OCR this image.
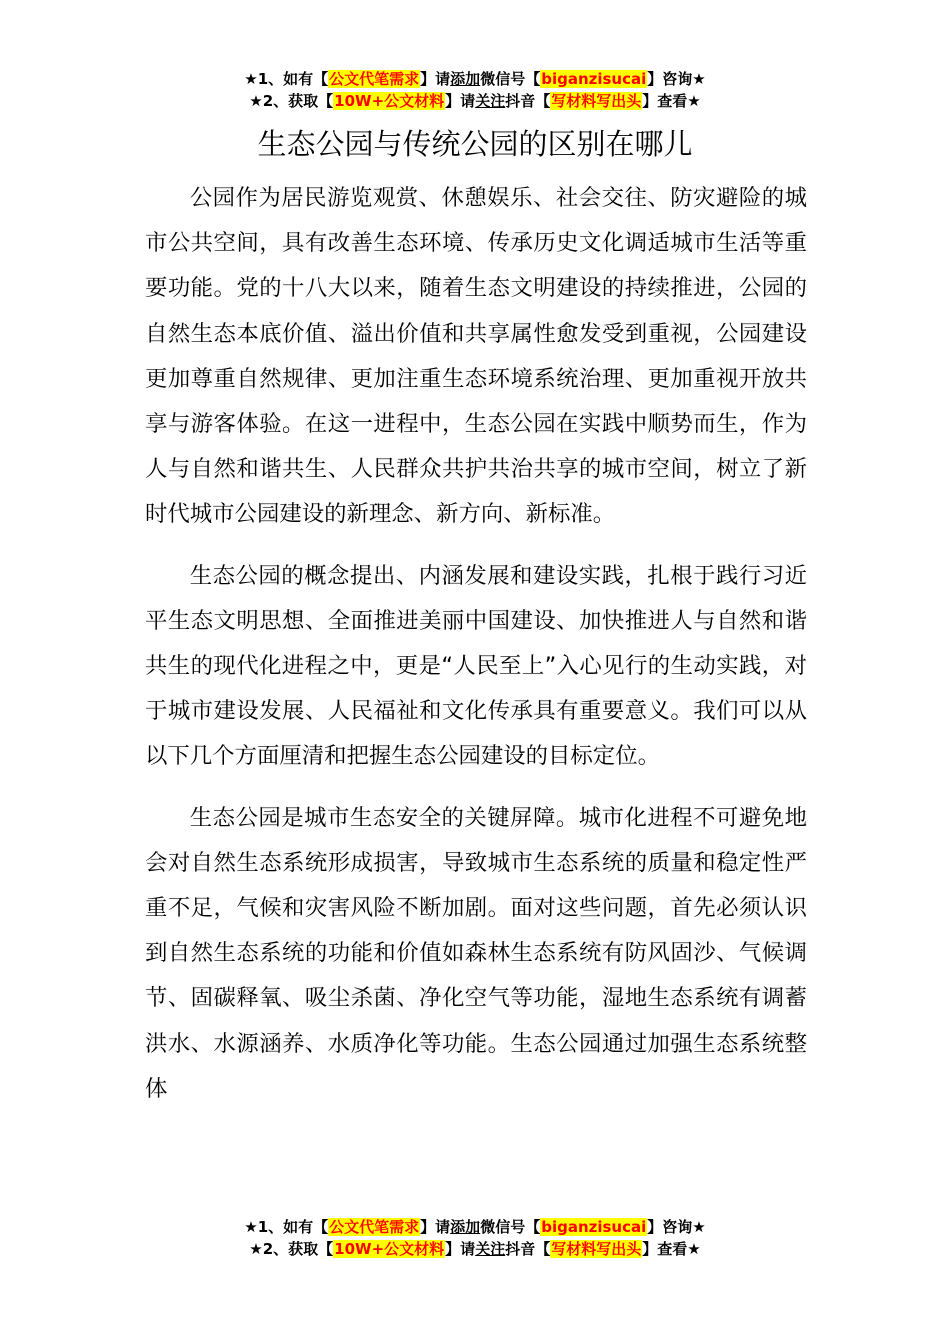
★1、如有【公文代笔需求】请添加微信号【biganzisucai】咨询★
★2、获取【10W+公文材料】请关注抖音【写材料写出头】查看★
生态公园与传统公园的区别在哪儿

公园作为居民游览观赏、休憩娱乐、社会交往、防灾避险的城市公共空间，具有改善生态环境、传承历史文化调适城市生活等重要功能。党的十八大以来，随着生态文明建设的持续推进，公园的自然生态本底价值、溢出价值和共享属性愈发受到重视，公园建设更加尊重自然规律、更加注重生态环境系统治理、更加重视开放共享与游客体验。在这一进程中，生态公园在实践中顺势而生，作为人与自然和谐共生、人民群众共护共治共享的城市空间，树立了新时代城市公园建设的新理念、新方向、新标准。

生态公园的概念提出、内涵发展和建设实践，扎根于践行习近平生态文明思想、全面推进美丽中国建设、加快推进人与自然和谐共生的现代化进程之中，更是“人民至上”入心见行的生动实践，对于城市建设发展、人民福祉和文化传承具有重要意义。我们可以从以下几个方面厘清和把握生态公园建设的目标定位。

生态公园是城市生态安全的关键屏障。城市化进程不可避免地会对自然生态系统形成损害，导致城市生态系统的质量和稳定性严重不足，气候和灾害风险不断加剧。面对这些问题，首先必须认识到自然生态系统的功能和价值如森林生态系统有防风固沙、气候调节、固碳释氧、吸尘杀菌、净化空气等功能，湿地生态系统有调蓄洪水、水源涵养、水质净化等功能。生态公园通过加强生态系统整体

★1、如有【公文代笔需求】请添加微信号【biganzisucai】咨询★
★2、获取【10W+公文材料】请关注抖音【写材料写出头】查看★
